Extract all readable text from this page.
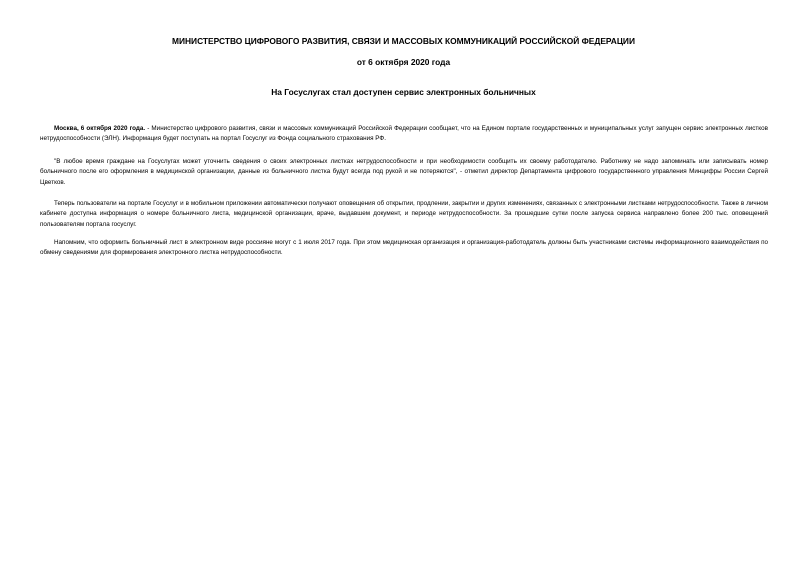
МИНИСТЕРСТВО ЦИФРОВОГО РАЗВИТИЯ, СВЯЗИ И МАССОВЫХ КОММУНИКАЦИЙ РОССИЙСКОЙ ФЕДЕРАЦИИ
от 6 октября 2020 года
На Госуслугах стал доступен сервис электронных больничных

Москва, 6 октября 2020 года. - Министерство цифрового развития, связи и массовых коммуникаций Российской Федерации сообщает, что на Едином портале государственных и муниципальных услуг запущен сервис электронных листков нетрудоспособности (ЭЛН). Информация будет поступать на портал Госуслуг из Фонда социального страхования РФ.

"В любое время граждане на Госуслугах может уточнить сведения о своих электронных листках нетрудоспособности и при необходимости сообщить их своему работодателю. Работнику не надо запоминать или записывать номер больничного после его оформления в медицинской организации, данные из больничного листка будут всегда под рукой и не потеряются", - отметил директор Департамента цифрового государственного управления Минцифры России Сергей Цветков.

Теперь пользователи на портале Госуслуг и в мобильном приложении автоматически получают оповещения об открытии, продлении, закрытии и других изменениях, связанных с электронными листками нетрудоспособности. Также в личном кабинете доступна информация о номере больничного листа, медицинской организации, враче, выдавшем документ, и периоде нетрудоспособности. За прошедшие сутки после запуска сервиса направлено более 200 тыс. оповещений пользователям портала госуслуг.

Напомним, что оформить больничный лист в электронном виде россияне могут с 1 июля 2017 года. При этом медицинская организация и организация-работодатель должны быть участниками системы информационного взаимодействия по обмену сведениями для формирования электронного листка нетрудоспособности.
